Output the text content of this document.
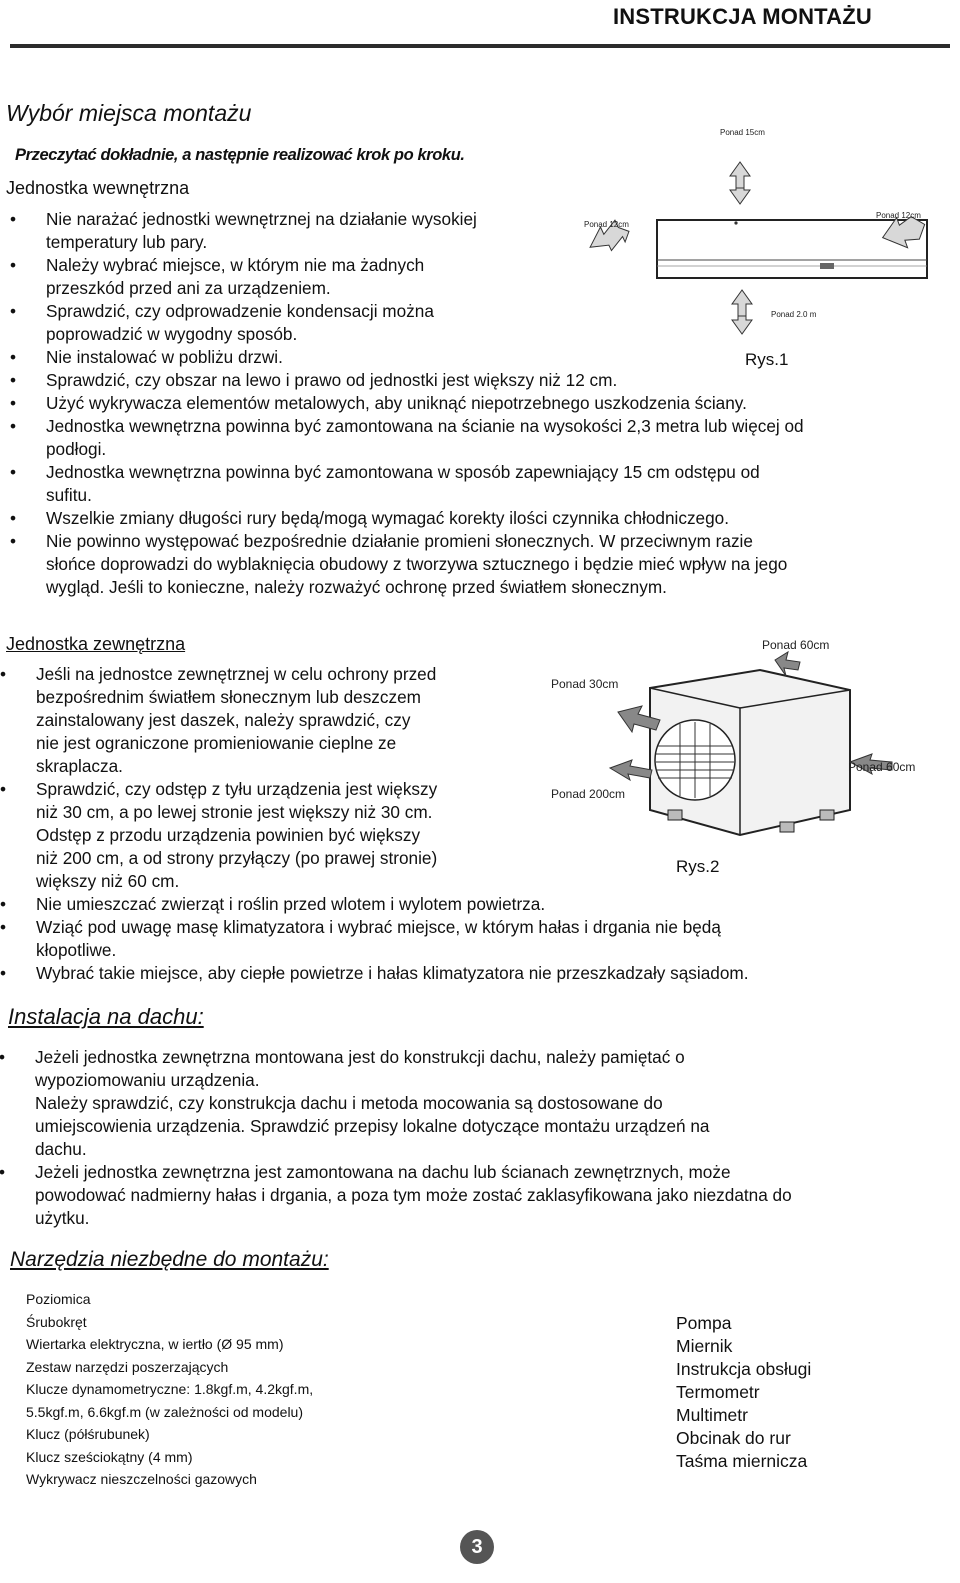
INSTRUKCJA MONTAŻU
Wybór miejsca montażu
Przeczytać dokładnie, a następnie realizować krok po kroku.
Jednostka wewnętrzna
• Nie narażać jednostki wewnętrznej na działanie wysokiej
temperatury lub pary.
• Należy wybrać miejsce, w którym nie ma żadnych
przeszkód przed ani za urządzeniem.
• Sprawdzić, czy odprowadzenie kondensacji można
poprowadzić w wygodny sposób.
• Nie instalować w pobliżu drzwi.
• Sprawdzić, czy obszar na lewo i prawo od jednostki jest większy niż 12 cm.
• Użyć wykrywacza elementów metalowych, aby uniknąć niepotrzebnego uszkodzenia ściany.
• Jednostka wewnętrzna powinna być zamontowana na ścianie na wysokości 2,3 metra lub więcej od
podłogi.
• Jednostka wewnętrzna powinna być zamontowana w sposób zapewniający 15 cm odstępu od
sufitu.
• Wszelkie zmiany długości rury będą/mogą wymagać korekty ilości czynnika chłodniczego.
• Nie powinno występować bezpośrednie działanie promieni słonecznych. W przeciwnym razie
słońce doprowadzi do wyblaknięcia obudowy z tworzywa sztucznego i będzie mieć wpływ na jego
wygląd. Jeśli to konieczne, należy rozważyć ochronę przed światłem słonecznym.
Ponad 15cm
Ponad 12cm
Ponad 12cm
Ponad 2.0 m
Rys.1
Jednostka zewnętrzna
• Jeśli na jednostce zewnętrznej w celu ochrony przed
bezpośrednim światłem słonecznym lub deszczem
zainstalowany jest daszek, należy sprawdzić, czy
nie jest ograniczone promieniowanie cieplne ze
skraplacza.
• Sprawdzić, czy odstęp z tyłu urządzenia jest większy
niż 30 cm, a po lewej stronie jest większy niż 30 cm.
Odstęp z przodu urządzenia powinien być większy
niż 200 cm, a od strony przyłączy (po prawej stronie)
większy niż 60 cm.
• Nie umieszczać zwierząt i roślin przed wlotem i wylotem powietrza.
• Wziąć pod uwagę masę klimatyzatora i wybrać miejsce, w którym hałas i drgania nie będą
kłopotliwe.
• Wybrać takie miejsce, aby ciepłe powietrze i hałas klimatyzatora nie przeszkadzały sąsiadom.
Ponad 60cm
Ponad 30cm
Ponad 60cm
Ponad 200cm
Rys.2
Instalacja na dachu:
• Jeżeli jednostka zewnętrzna montowana jest do konstrukcji dachu, należy pamiętać o
wypoziomowaniu urządzenia.
Należy sprawdzić, czy konstrukcja dachu i metoda mocowania są dostosowane do
umiejscowienia urządzenia. Sprawdzić przepisy lokalne dotyczące montażu urządzeń na
dachu.
• Jeżeli jednostka zewnętrzna jest zamontowana na dachu lub ścianach zewnętrznych, może
powodować nadmierny hałas i drgania, a poza tym może zostać zaklasyfikowana jako niezdatna do
użytku.
Narzędzia niezbędne do montażu:
Poziomica
Śrubokręt
Wiertarka elektryczna, w iertło (Ø 95 mm)
Zestaw narzędzi poszerzających
Klucze dynamometryczne: 1.8kgf.m, 4.2kgf.m,
5.5kgf.m, 6.6kgf.m (w zależności od modelu)
Klucz (półśrubunek)
Klucz sześciokątny (4 mm)
Wykrywacz nieszczelności gazowych
Pompa
Miernik
Instrukcja obsługi
Termometr
Multimetr
Obcinak do rur
Taśma miernicza
3
